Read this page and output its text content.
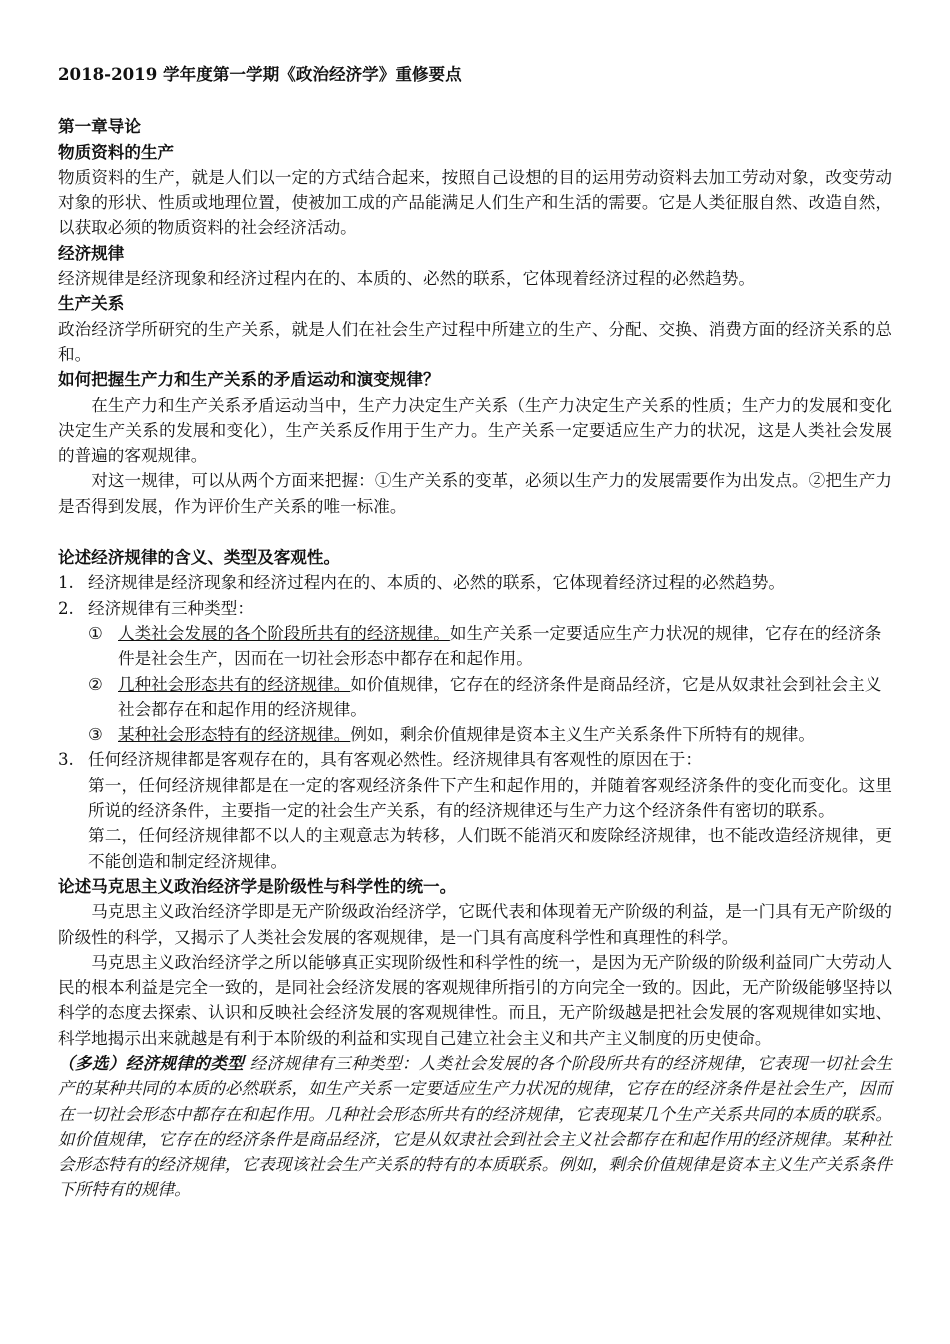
2018-2019 学年度第一学期《政治经济学》重修要点

第一章导论

物质资料的生产

物质资料的生产，就是人们以一定的方式结合起来，按照自己设想的目的运用劳动资料去加工劳动对象，改变劳动对象的形状、性质或地理位置，使被加工成的产品能满足人们生产和生活的需要。它是人类征服自然、改造自然，以获取必须的物质资料的社会经济活动。

经济规律

经济规律是经济现象和经济过程内在的、本质的、必然的联系，它体现着经济过程的必然趋势。

生产关系

政治经济学所研究的生产关系，就是人们在社会生产过程中所建立的生产、分配、交换、消费方面的经济关系的总和。

如何把握生产力和生产关系的矛盾运动和演变规律？

在生产力和生产关系矛盾运动当中，生产力决定生产关系（生产力决定生产关系的性质；生产力的发展和变化决定生产关系的发展和变化），生产关系反作用于生产力。生产关系一定要适应生产力的状况，这是人类社会发展的普遍的客观规律。

对这一规律，可以从两个方面来把握：①生产关系的变革，必须以生产力的发展需要作为出发点。②把生产力是否得到发展，作为评价生产关系的唯一标准。

论述经济规律的含义、类型及客观性。

1. 经济规律是经济现象和经济过程内在的、本质的、必然的联系，它体现着经济过程的必然趋势。
2. 经济规律有三种类型：
① 人类社会发展的各个阶段所共有的经济规律。如生产关系一定要适应生产力状况的规律，它存在的经济条件是社会生产，因而在一切社会形态中都存在和起作用。
② 几种社会形态共有的经济规律。如价值规律，它存在的经济条件是商品经济，它是从奴隶社会到社会主义社会都存在和起作用的经济规律。
③ 某种社会形态特有的经济规律。例如，剩余价值规律是资本主义生产关系条件下所特有的规律。
3. 任何经济规律都是客观存在的，具有客观必然性。经济规律具有客观性的原因在于：

第一，任何经济规律都是在一定的客观经济条件下产生和起作用的，并随着客观经济条件的变化而变化。这里所说的经济条件，主要指一定的社会生产关系，有的经济规律还与生产力这个经济条件有密切的联系。

第二，任何经济规律都不以人的主观意志为转移，人们既不能消灭和废除经济规律，也不能改造经济规律，更不能创造和制定经济规律。

论述马克思主义政治经济学是阶级性与科学性的统一。

马克思主义政治经济学即是无产阶级政治经济学，它既代表和体现着无产阶级的利益，是一门具有无产阶级的阶级性的科学，又揭示了人类社会发展的客观规律，是一门具有高度科学性和真理性的科学。

马克思主义政治经济学之所以能够真正实现阶级性和科学性的统一，是因为无产阶级的阶级利益同广大劳动人民的根本利益是完全一致的，是同社会经济发展的客观规律所指引的方向完全一致的。因此，无产阶级能够坚持以科学的态度去探索、认识和反映社会经济发展的客观规律性。而且，无产阶级越是把社会发展的客观规律如实地、科学地揭示出来就越是有利于本阶级的利益和实现自己建立社会主义和共产主义制度的历史使命。

（多选）经济规律的类型 经济规律有三种类型：人类社会发展的各个阶段所共有的经济规律，它表现一切社会生产的某种共同的本质的必然联系，如生产关系一定要适应生产力状况的规律，它存在的经济条件是社会生产，因而在一切社会形态中都存在和起作用。几种社会形态所共有的经济规律，它表现某几个生产关系共同的本质的联系。如价值规律，它存在的经济条件是商品经济，它是从奴隶社会到社会主义社会都存在和起作用的经济规律。某种社会形态特有的经济规律，它表现该社会生产关系的特有的本质联系。例如，剩余价值规律是资本主义生产关系条件下所特有的规律。
